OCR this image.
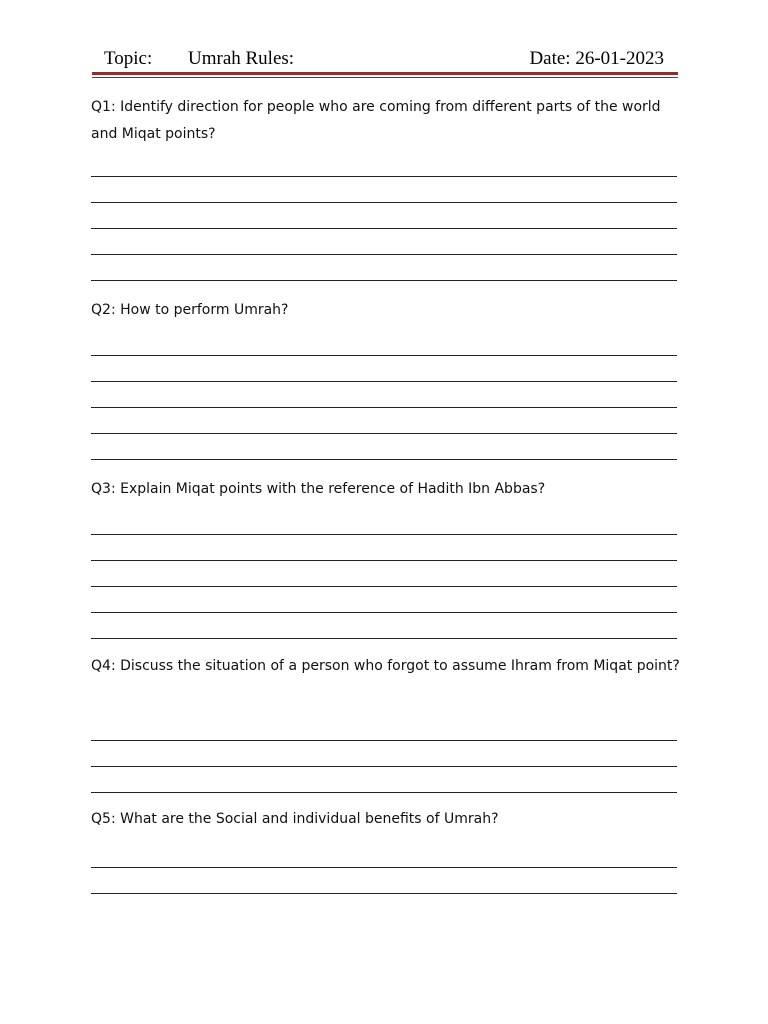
Topic: Umrah Rules:	Date: 26-01-2023
Q1: Identify direction for people who are coming from different parts of the world and Miqat points?
Q2: How to perform Umrah?
Q3: Explain Miqat points with the reference of Hadith Ibn Abbas?
Q4: Discuss the situation of a person who forgot to assume Ihram from Miqat point?
Q5: What are the Social and individual benefits of Umrah?
